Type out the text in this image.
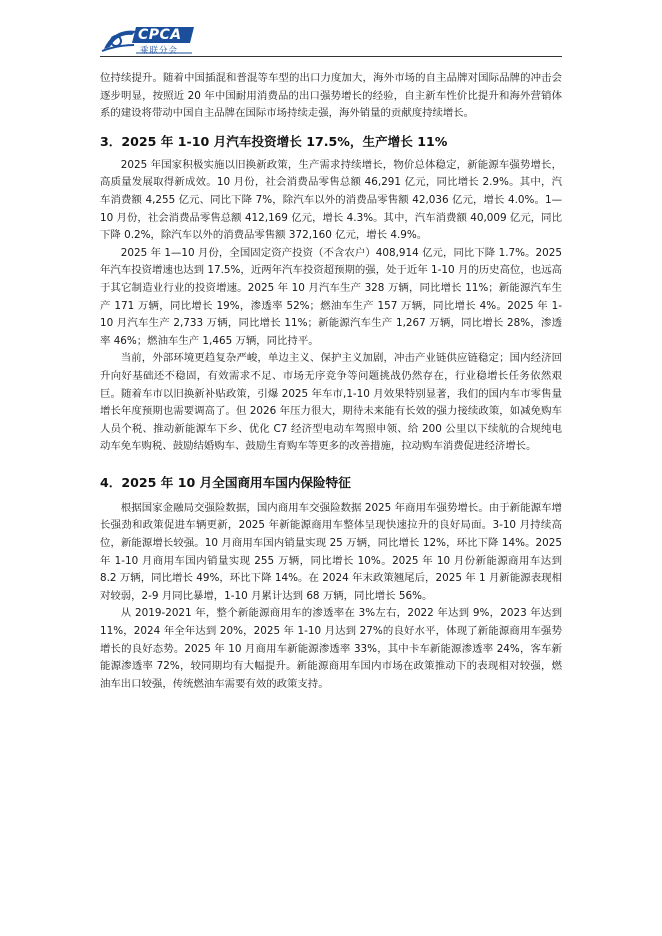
CPCA
乘联分会

位持续提升。随着中国插混和普混等车型的出口力度加大，海外市场的自主品牌对国际品牌的冲击会逐步明显，按照近 20 年中国耐用消费品的出口强势增长的经验，自主新车性价比提升和海外营销体系的建设将带动中国自主品牌在国际市场持续走强，海外销量的贡献度持续增长。

3．2025 年 1-10 月汽车投资增长 17.5%，生产增长 11%

2025 年国家积极实施以旧换新政策，生产需求持续增长，物价总体稳定，新能源车强势增长，高质量发展取得新成效。10 月份，社会消费品零售总额 46,291 亿元，同比增长 2.9%。其中，汽车消费额 4,255 亿元、同比下降 7%，除汽车以外的消费品零售额 42,036 亿元，增长 4.0%。1—10 月份，社会消费品零售总额 412,169 亿元，增长 4.3%。其中，汽车消费额 40,009 亿元，同比下降 0.2%，除汽车以外的消费品零售额 372,160 亿元，增长 4.9%。

2025 年 1—10 月份，全国固定资产投资（不含农户）408,914 亿元，同比下降 1.7%。2025 年汽车投资增速也达到 17.5%，近两年汽车投资超预期的强，处于近年 1-10 月的历史高位，也远高于其它制造业行业的投资增速。2025 年 10 月汽车生产 328 万辆，同比增长 11%；新能源汽车生产 171 万辆，同比增长 19%，渗透率 52%；燃油车生产 157 万辆，同比增长 4%。2025 年 1-10 月汽车生产 2,733 万辆，同比增长 11%；新能源汽车生产 1,267 万辆，同比增长 28%，渗透率 46%；燃油车生产 1,465 万辆，同比持平。

当前，外部环境更趋复杂严峻，单边主义、保护主义加剧，冲击产业链供应链稳定；国内经济回升向好基础还不稳固，有效需求不足、市场无序竞争等问题挑战仍然存在，行业稳增长任务依然艰巨。随着车市以旧换新补贴政策，引爆 2025 年车市,1-10 月效果特别显著，我们的国内车市零售量增长年度预期也需要调高了。但 2026 年压力很大，期待未来能有长效的强力接续政策，如减免购车人员个税、推动新能源车下乡、优化 C7 经济型电动车驾照申领、给 200 公里以下续航的合规纯电动车免车购税、鼓励结婚购车、鼓励生育购车等更多的改善措施，拉动购车消费促进经济增长。

4．2025 年 10 月全国商用车国内保险特征

根据国家金融局交强险数据，国内商用车交强险数据 2025 年商用车强势增长。由于新能源车增长强劲和政策促进车辆更新，2025 年新能源商用车整体呈现快速拉升的良好局面。3-10 月持续高位，新能源增长较强。10 月商用车国内销量实现 25 万辆，同比增长 12%，环比下降 14%。2025 年 1-10 月商用车国内销量实现 255 万辆，同比增长 10%。2025 年 10 月份新能源商用车达到 8.2 万辆，同比增长 49%，环比下降 14%。在 2024 年末政策翘尾后，2025 年 1 月新能源表现相对较弱，2-9 月同比暴增，1-10 月累计达到 68 万辆，同比增长 56%。

从 2019-2021 年，整个新能源商用车的渗透率在 3%左右，2022 年达到 9%，2023 年达到 11%，2024 年全年达到 20%，2025 年 1-10 月达到 27%的良好水平，体现了新能源商用车强势增长的良好态势。2025 年 10 月商用车新能源渗透率 33%，其中卡车新能源渗透率 24%，客车新能源渗透率 72%，较同期均有大幅提升。新能源商用车国内市场在政策推动下的表现相对较强，燃油车出口较强，传统燃油车需要有效的政策支持。
